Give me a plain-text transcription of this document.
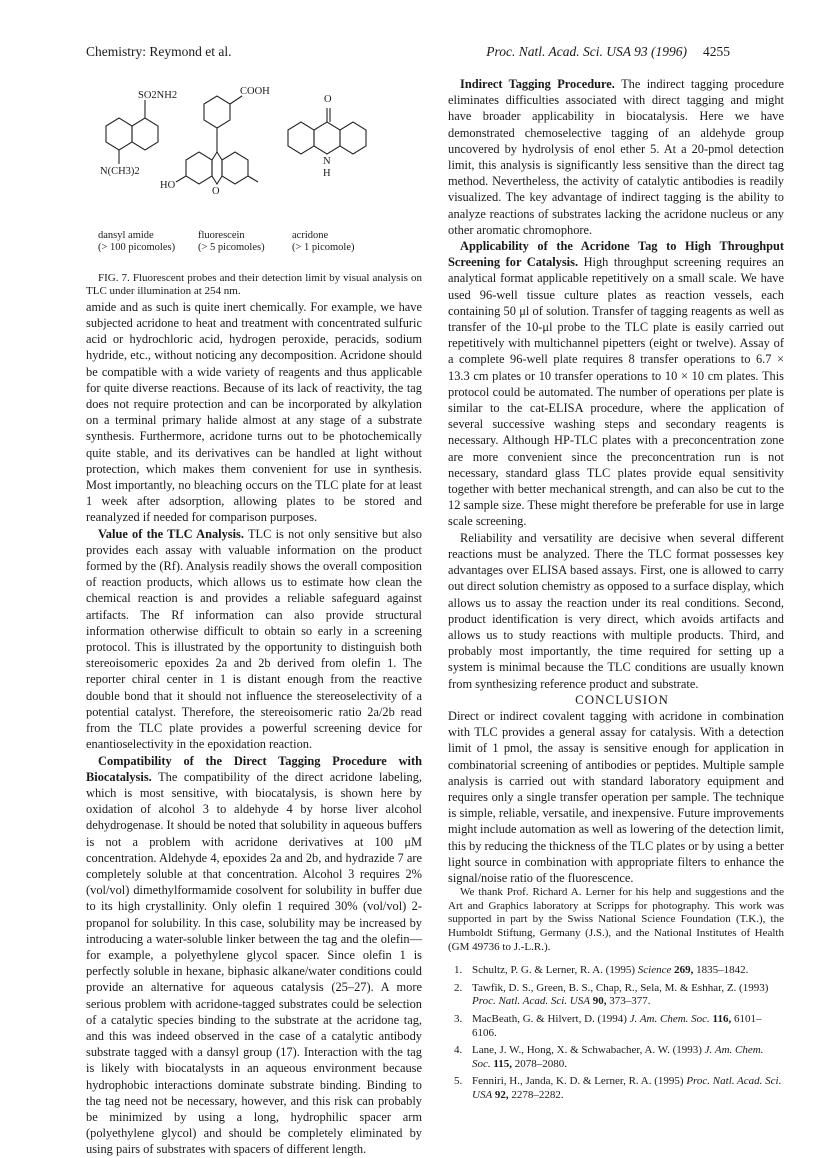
Chemistry: Reymond et al.	Proc. Natl. Acad. Sci. USA 93 (1996) 4255
SO2NH2
N(CH3)2
COOH
HO
O
O
N
H
dansyl amide
(> 100 picomoles)
fluorescein
(> 5 picomoles)
acridone
(> 1 picomole)

FIG. 7. Fluorescent probes and their detection limit by visual analysis on TLC under illumination at 254 nm.

amide and as such is quite inert chemically. For example, we have subjected acridone to heat and treatment with concentrated sulfuric acid or hydrochloric acid, hydrogen peroxide, peracids, sodium hydride, etc., without noticing any decomposition. Acridone should be compatible with a wide variety of reagents and thus applicable for quite diverse reactions. Because of its lack of reactivity, the tag does not require protection and can be incorporated by alkylation on a terminal primary halide almost at any stage of a substrate synthesis. Furthermore, acridone turns out to be photochemically quite stable, and its derivatives can be handled at light without protection, which makes them convenient for use in synthesis. Most importantly, no bleaching occurs on the TLC plate for at least 1 week after adsorption, allowing plates to be stored and reanalyzed if needed for comparison purposes.

Value of the TLC Analysis. TLC is not only sensitive but also provides each assay with valuable information on the product formed by the (Rf). Analysis readily shows the overall composition of reaction products, which allows us to estimate how clean the chemical reaction is and provides a reliable safeguard against artifacts. The Rf information can also provide structural information otherwise difficult to obtain so early in a screening protocol. This is illustrated by the opportunity to distinguish both stereoisomeric epoxides 2a and 2b derived from olefin 1. The reporter chiral center in 1 is distant enough from the reactive double bond that it should not influence the stereoselectivity of a potential catalyst. Therefore, the stereoisomeric ratio 2a/2b read from the TLC plate provides a powerful screening device for enantioselectivity in the epoxidation reaction.

Compatibility of the Direct Tagging Procedure with Biocatalysis. The compatibility of the direct acridone labeling, which is most sensitive, with biocatalysis, is shown here by oxidation of alcohol 3 to aldehyde 4 by horse liver alcohol dehydrogenase. It should be noted that solubility in aqueous buffers is not a problem with acridone derivatives at 100 μM concentration. Aldehyde 4, epoxides 2a and 2b, and hydrazide 7 are completely soluble at that concentration. Alcohol 3 requires 2% (vol/vol) dimethylformamide cosolvent for solubility in buffer due to its high crystallinity. Only olefin 1 required 30% (vol/vol) 2-propanol for solubility. In this case, solubility may be increased by introducing a water-soluble linker between the tag and the olefin—for example, a polyethylene glycol spacer. Since olefin 1 is perfectly soluble in hexane, biphasic alkane/water conditions could provide an alternative for aqueous catalysis (25–27). A more serious problem with acridone-tagged substrates could be selection of a catalytic species binding to the substrate at the acridone tag, and this was indeed observed in the case of a catalytic antibody substrate tagged with a dansyl group (17). Interaction with the tag is likely with biocatalysts in an aqueous environment because hydrophobic interactions dominate substrate binding. Binding to the tag need not be necessary, however, and this risk can probably be minimized by using a long, hydrophilic spacer arm (polyethylene glycol) and should be completely eliminated by using pairs of substrates with spacers of different length.

Indirect Tagging Procedure. The indirect tagging procedure eliminates difficulties associated with direct tagging and might have broader applicability in biocatalysis. Here we have demonstrated chemoselective tagging of an aldehyde group uncovered by hydrolysis of enol ether 5. At a 20-pmol detection limit, this analysis is significantly less sensitive than the direct tag method. Nevertheless, the activity of catalytic antibodies is readily visualized. The key advantage of indirect tagging is the ability to analyze reactions of substrates lacking the acridone nucleus or any other aromatic chromophore.

Applicability of the Acridone Tag to High Throughput Screening for Catalysis. High throughput screening requires an analytical format applicable repetitively on a small scale. We have used 96-well tissue culture plates as reaction vessels, each containing 50 μl of solution. Transfer of tagging reagents as well as transfer of the 10-μl probe to the TLC plate is easily carried out repetitively with multichannel pipetters (eight or twelve). Assay of a complete 96-well plate requires 8 transfer operations to 6.7 × 13.3 cm plates or 10 transfer operations to 10 × 10 cm plates. This protocol could be automated. The number of operations per plate is similar to the cat-ELISA procedure, where the application of several successive washing steps and secondary reagents is necessary. Although HP-TLC plates with a preconcentration zone are more convenient since the preconcentration run is not necessary, standard glass TLC plates provide equal sensitivity together with better mechanical strength, and can also be cut to the 12 sample size. These might therefore be preferable for use in large scale screening.

Reliability and versatility are decisive when several different reactions must be analyzed. There the TLC format possesses key advantages over ELISA based assays. First, one is allowed to carry out direct solution chemistry as opposed to a surface display, which allows us to assay the reaction under its real conditions. Second, product identification is very direct, which avoids artifacts and allows us to study reactions with multiple products. Third, and probably most importantly, the time required for setting up a system is minimal because the TLC conditions are usually known from synthesizing reference product and substrate.

CONCLUSION

Direct or indirect covalent tagging with acridone in combination with TLC provides a general assay for catalysis. With a detection limit of 1 pmol, the assay is sensitive enough for application in combinatorial screening of antibodies or peptides. Multiple sample analysis is carried out with standard laboratory equipment and requires only a single transfer operation per sample. The technique is simple, reliable, versatile, and inexpensive. Future improvements might include automation as well as lowering of the detection limit, this by reducing the thickness of the TLC plates or by using a better light source in combination with appropriate filters to enhance the signal/noise ratio of the fluorescence.

We thank Prof. Richard A. Lerner for his help and suggestions and the Art and Graphics laboratory at Scripps for photography. This work was supported in part by the Swiss National Science Foundation (T.K.), the Humboldt Stiftung, Germany (J.S.), and the National Institutes of Health (GM 49736 to J.-L.R.).

1. Schultz, P. G. & Lerner, R. A. (1995) Science 269, 1835–1842.
2. Tawfik, D. S., Green, B. S., Chap, R., Sela, M. & Eshhar, Z. (1993) Proc. Natl. Acad. Sci. USA 90, 373–377.
3. MacBeath, G. & Hilvert, D. (1994) J. Am. Chem. Soc. 116, 6101–6106.
4. Lane, J. W., Hong, X. & Schwabacher, A. W. (1993) J. Am. Chem. Soc. 115, 2078–2080.
5. Fenniri, H., Janda, K. D. & Lerner, R. A. (1995) Proc. Natl. Acad. Sci. USA 92, 2278–2282.
